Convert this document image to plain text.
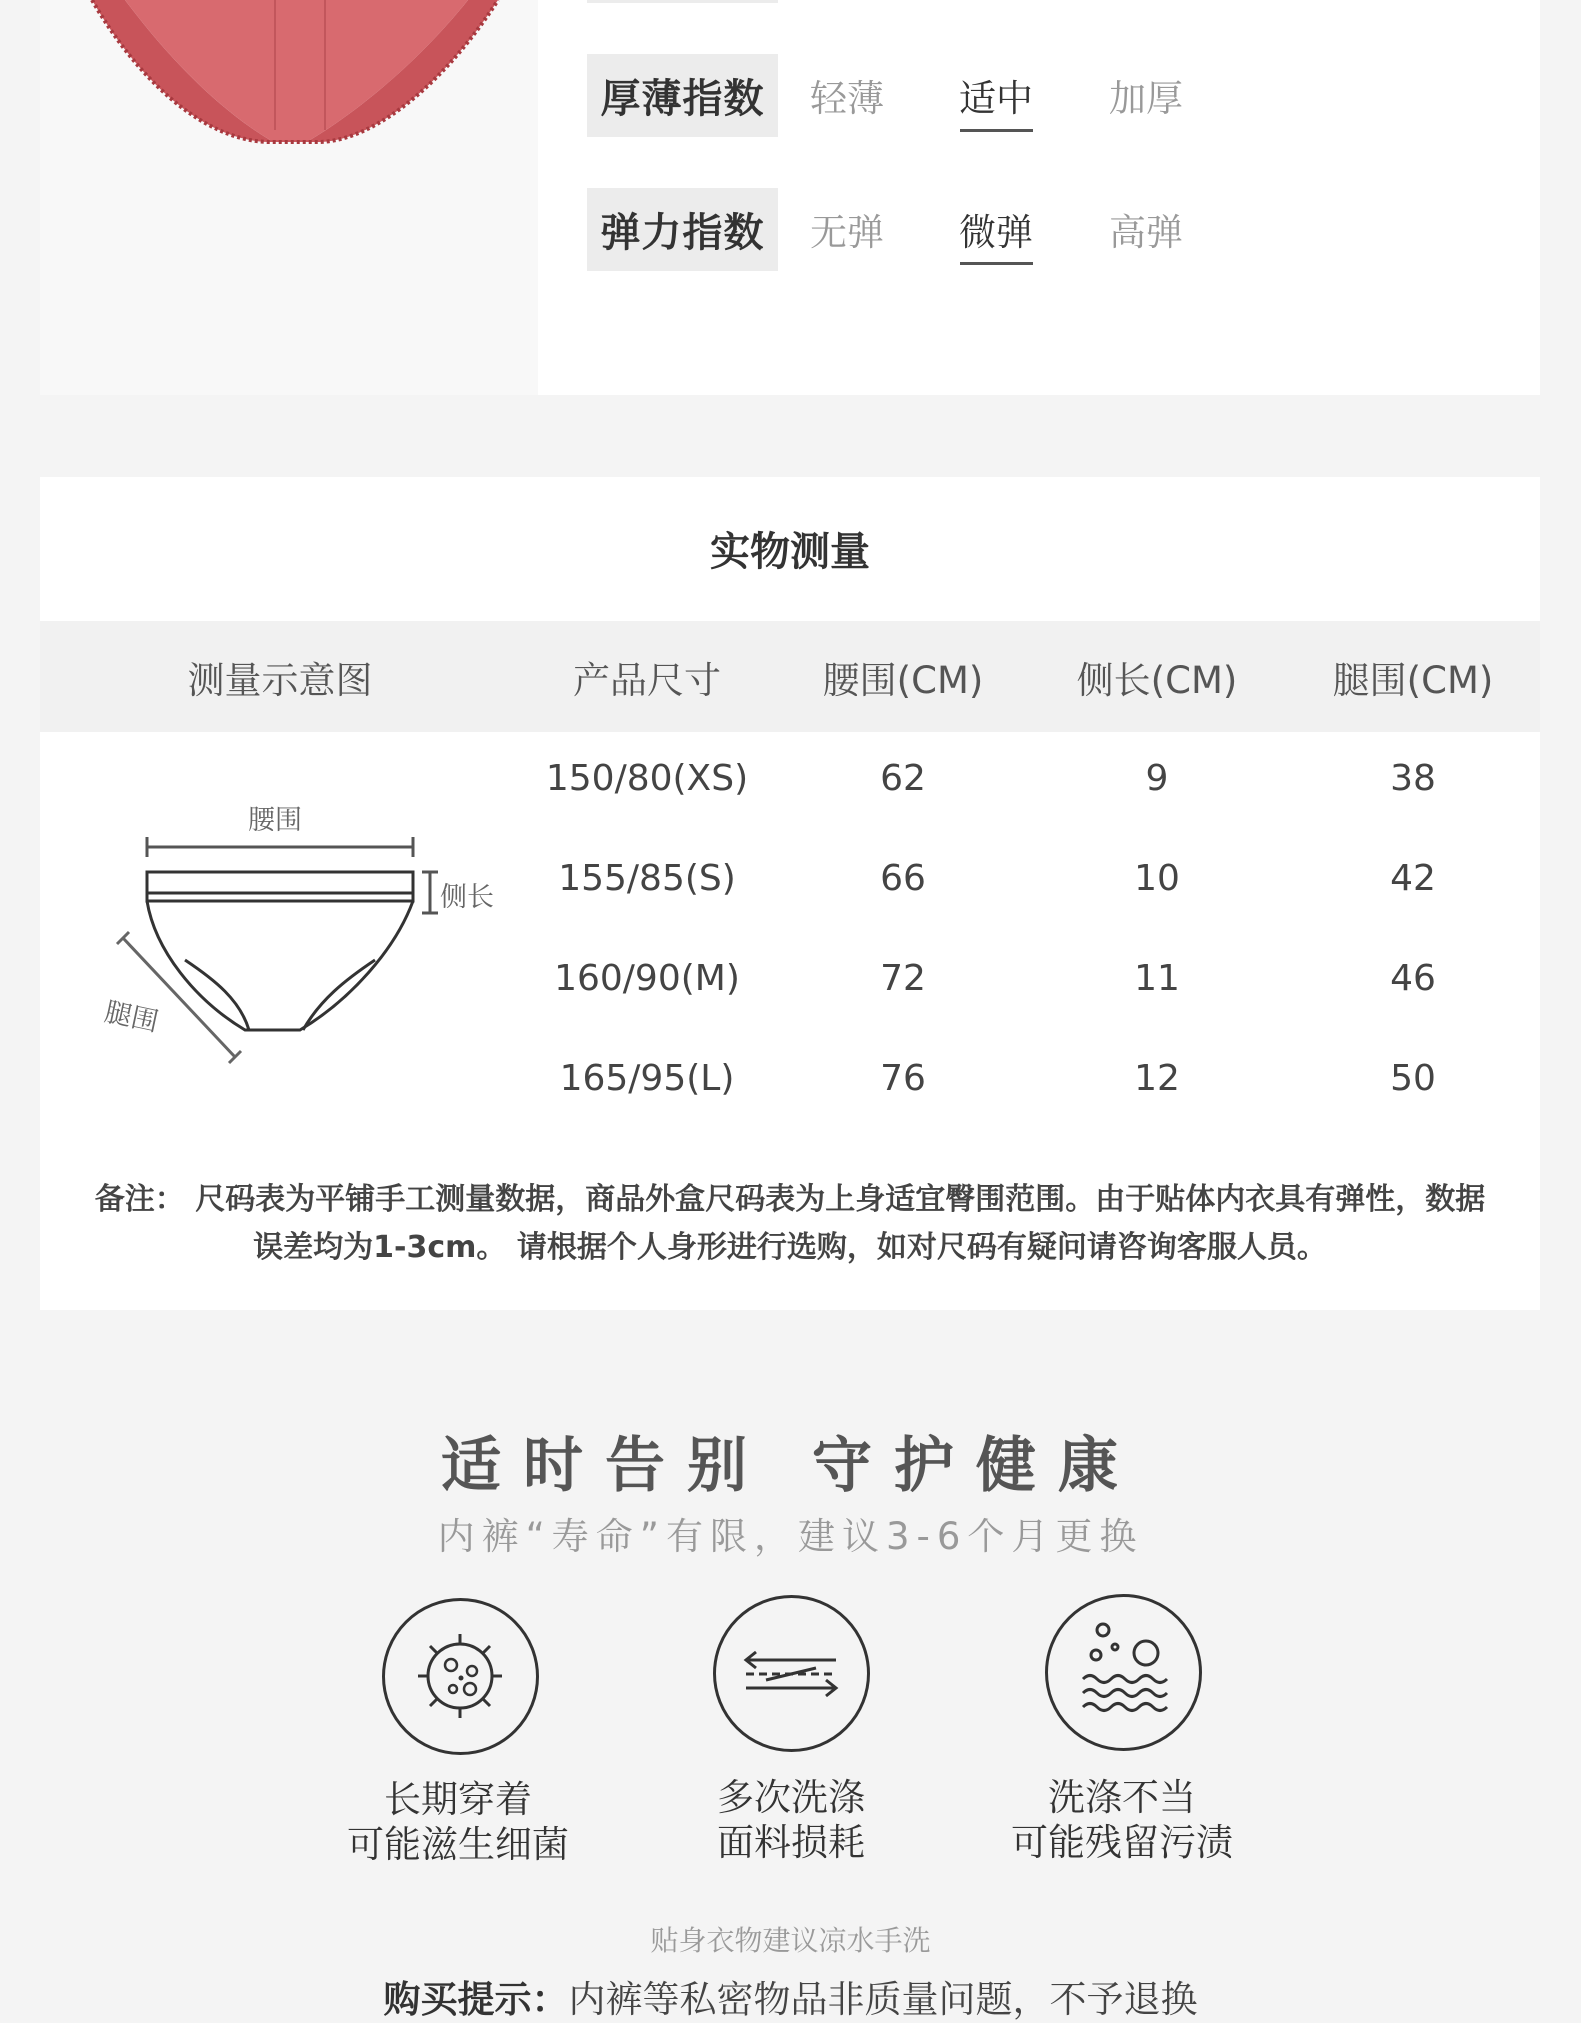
厚薄指数	轻薄	适中	加厚
弹力指数	无弹	微弹	高弹
实物测量
测量示意图	产品尺寸	腰围(CM)	侧长(CM)	腿围(CM)
腰围
侧长
腿围
150/80(XS)	62	9	38
155/85(S)	66	10	42
160/90(M)	72	11	46
165/95(L)	76	12	50
备注： 尺码表为平铺手工测量数据，商品外盒尺码表为上身适宜臀围范围。由于贴体内衣具有弹性，数据
误差均为1-3cm。 请根据个人身形进行选购，如对尺码有疑问请咨询客服人员。
适时告别 守护健康
内裤“寿命”有限，建议3-6个月更换
长期穿着
可能滋生细菌
多次洗涤
面料损耗
洗涤不当
可能残留污渍
贴身衣物建议凉水手洗
购买提示：内裤等私密物品非质量问题，不予退换
